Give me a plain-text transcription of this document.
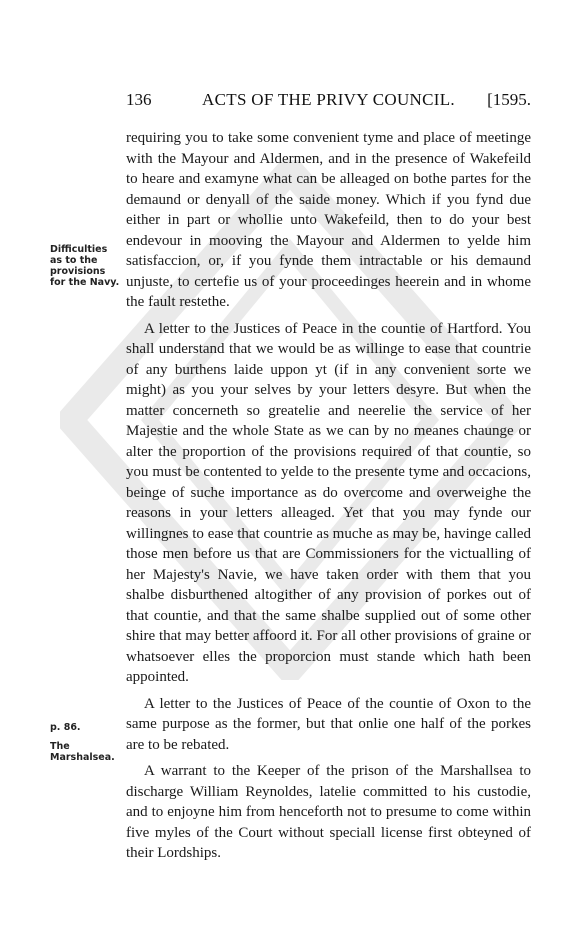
136	ACTS OF THE PRIVY COUNCIL.	[1595.
Difficulties as to the provisions for the Navy.
p. 86.
The Marshalsea.

requiring you to take some convenient tyme and place of meetinge with the Mayour and Aldermen, and in the presence of Wakefeild to heare and examyne what can be alleaged on bothe partes for the demaund or denyall of the saide money. Which if you fynd due either in part or whollie unto Wakefeild, then to do your best endevour in mooving the Mayour and Aldermen to yelde him satisfaccion, or, if you fynde them intractable or his demaund unjuste, to certefie us of your proceedinges heerein and in whome the fault restethe.

A letter to the Justices of Peace in the countie of Hartford. You shall understand that we would be as willinge to ease that countrie of any burthens laide uppon yt (if in any convenient sorte we might) as you your selves by your letters desyre. But when the matter concerneth so greatelie and neerelie the service of her Majestie and the whole State as we can by no meanes chaunge or alter the proportion of the provisions required of that countie, so you must be contented to yelde to the presente tyme and occacions, beinge of suche importance as do overcome and overweighe the reasons in your letters alleaged. Yet that you may fynde our willingnes to ease that countrie as muche as may be, havinge called those men before us that are Commissioners for the victualling of her Majesty's Navie, we have taken order with them that you shalbe disburthened altogither of any provision of porkes out of that countie, and that the same shalbe supplied out of some other shire that may better affoord it. For all other provisions of graine or whatsoever elles the proporcion must stande which hath been appointed.

A letter to the Justices of Peace of the countie of Oxon to the same purpose as the former, but that onlie one half of the porkes are to be rebated.

A warrant to the Keeper of the prison of the Marshallsea to discharge William Reynoldes, latelie committed to his custodie, and to enjoyne him from henceforth not to presume to come within five myles of the Court without speciall license first obteyned of their Lordships.
